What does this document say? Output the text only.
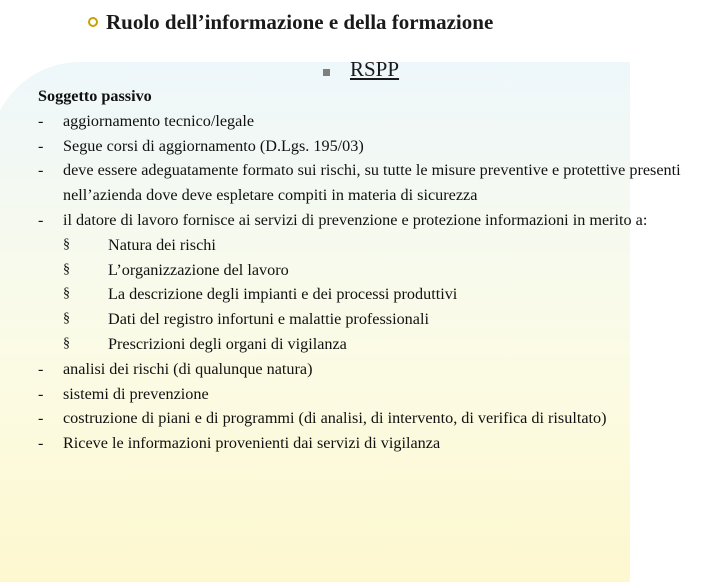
Ruolo dell’informazione e della formazione
RSPP
Soggetto passivo
- aggiornamento tecnico/legale
- Segue corsi di aggiornamento (D.Lgs. 195/03)
- deve essere adeguatamente formato sui rischi, su tutte le misure preventive e protettive presenti nell’azienda dove deve espletare compiti in materia di sicurezza
- il datore di lavoro fornisce ai servizi di prevenzione e protezione informazioni in merito a:
§ Natura dei rischi
§ L’organizzazione del lavoro
§ La descrizione degli impianti e dei processi produttivi
§ Dati del registro infortuni e malattie professionali
§ Prescrizioni degli organi di vigilanza
- analisi dei rischi (di qualunque natura)
- sistemi di prevenzione
- costruzione di piani e di programmi (di analisi, di intervento, di verifica di risultato)
- Riceve le informazioni provenienti dai servizi di vigilanza
